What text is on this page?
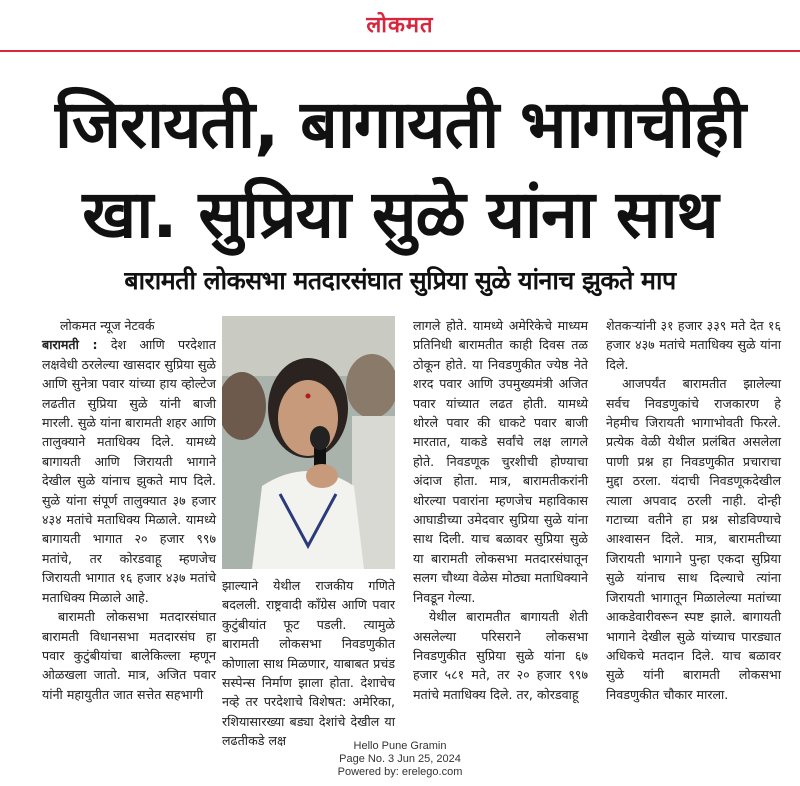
लोकमत
जिरायती, बागायती भागाचीही
खा. सुप्रिया सुळे यांना साथ
बारामती लोकसभा मतदारसंघात सुप्रिया सुळे यांनाच झुकते माप

लोकमत न्यूज नेटवर्क

बारामती : देश आणि परदेशात लक्षवेधी ठरलेल्या खासदार सुप्रिया सुळे आणि सुनेत्रा पवार यांच्या हाय व्होल्टेज लढतीत सुप्रिया सुळे यांनी बाजी मारली. सुळे यांना बारामती शहर आणि तालुक्याने मताधिक्य दिले. यामध्ये बागायती आणि जिरायती भागाने देखील सुळे यांनाच झुकते माप दिले. सुळे यांना संपूर्ण तालुक्यात ३७ हजार ४३४ मतांचे मताधिक्य मिळाले. यामध्ये बागायती भागात २० हजार ९९७ मतांचे, तर कोरडवाहू म्हणजेच जिरायती भागात १६ हजार ४३७ मतांचे मताधिक्य मिळाले आहे.

बारामती लोकसभा मतदारसंघात बारामती विधानसभा मतदारसंघ हा पवार कुटुंबीयांचा बालेकिल्ला म्हणून ओळखला जातो. मात्र, अजित पवार यांनी महायुतीत जात सत्तेत सहभागी

झाल्याने येथील राजकीय गणिते बदलली. राष्ट्रवादी काँग्रेस आणि पवार कुटुंबीयांत फूट पडली. त्यामुळे बारामती लोकसभा निवडणुकीत कोणाला साथ मिळणार, याबाबत प्रचंड सस्पेन्स निर्माण झाला होता. देशाचेच नव्हे तर परदेशाचे विशेषत: अमेरिका, रशियासारख्या बड्या देशांचे देखील या लढतीकडे लक्ष

लागले होते. यामध्ये अमेरिकेचे माध्यम प्रतिनिधी बारामतीत काही दिवस तळ ठोकून होते. या निवडणुकीत ज्येष्ठ नेते शरद पवार आणि उपमुख्यमंत्री अजित पवार यांच्यात लढत होती. यामध्ये थोरले पवार की धाकटे पवार बाजी मारतात, याकडे सर्वांचे लक्ष लागले होते. निवडणूक चुरशीची होण्याचा अंदाज होता. मात्र, बारामतीकरांनी थोरल्या पवारांना म्हणजेच महाविकास आघाडीच्या उमेदवार सुप्रिया सुळे यांना साथ दिली. याच बळावर सुप्रिया सुळे या बारामती लोकसभा मतदारसंघातून सलग चौथ्या वेळेस मोठ्या मताधिक्याने निवडून गेल्या.

येथील बारामतीत बागायती शेती असलेल्या परिसराने लोकसभा निवडणुकीत सुप्रिया सुळे यांना ६७ हजार ५८१ मते, तर २० हजार ९९७ मतांचे मताधिक्य दिले. तर, कोरडवाहू

शेतकऱ्यांनी ३१ हजार ३३९ मते देत १६ हजार ४३७ मतांचे मताधिक्य सुळे यांना दिले.

आजपर्यंत बारामतीत झालेल्या सर्वच निवडणुकांचे राजकारण हे नेहमीच जिरायती भागाभोवती फिरले. प्रत्येक वेळी येथील प्रलंबित असलेला पाणी प्रश्न हा निवडणुकीत प्रचाराचा मुद्दा ठरला. यंदाची निवडणूकदेखील त्याला अपवाद ठरली नाही. दोन्ही गटाच्या वतीने हा प्रश्न सोडविण्याचे आश्वासन दिले. मात्र, बारामतीच्या जिरायती भागाने पुन्हा एकदा सुप्रिया सुळे यांनाच साथ दिल्याचे त्यांना जिरायती भागातून मिळालेल्या मतांच्या आकडेवारीवरून स्पष्ट झाले. बागायती भागाने देखील सुळे यांच्याच पारड्यात अधिकचे मतदान दिले. याच बळावर सुळे यांनी बारामती लोकसभा निवडणुकीत चौकार मारला.

Hello Pune Gramin
Page No. 3 Jun 25, 2024
Powered by: erelego.com
